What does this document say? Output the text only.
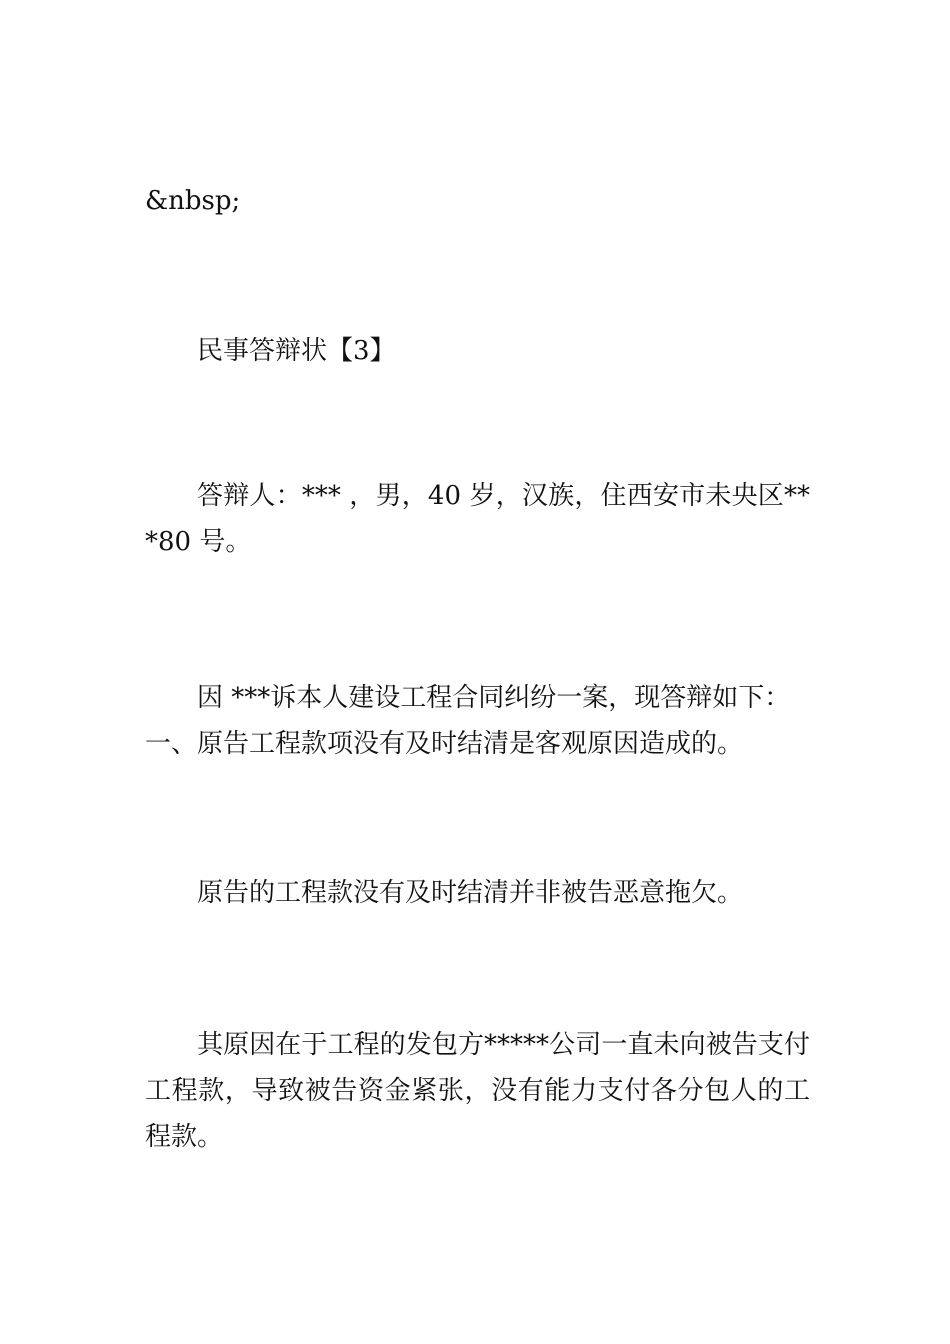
&nbsp;

民事答辩状【3】

答辩人：*** ，男，40 岁，汉族，住西安市未央区***80 号。

因 ***诉本人建设工程合同纠纷一案，现答辩如下：

一、原告工程款项没有及时结清是客观原因造成的。

原告的工程款没有及时结清并非被告恶意拖欠。

其原因在于工程的发包方*****公司一直未向被告支付工程款，导致被告资金紧张，没有能力支付各分包人的工程款。
